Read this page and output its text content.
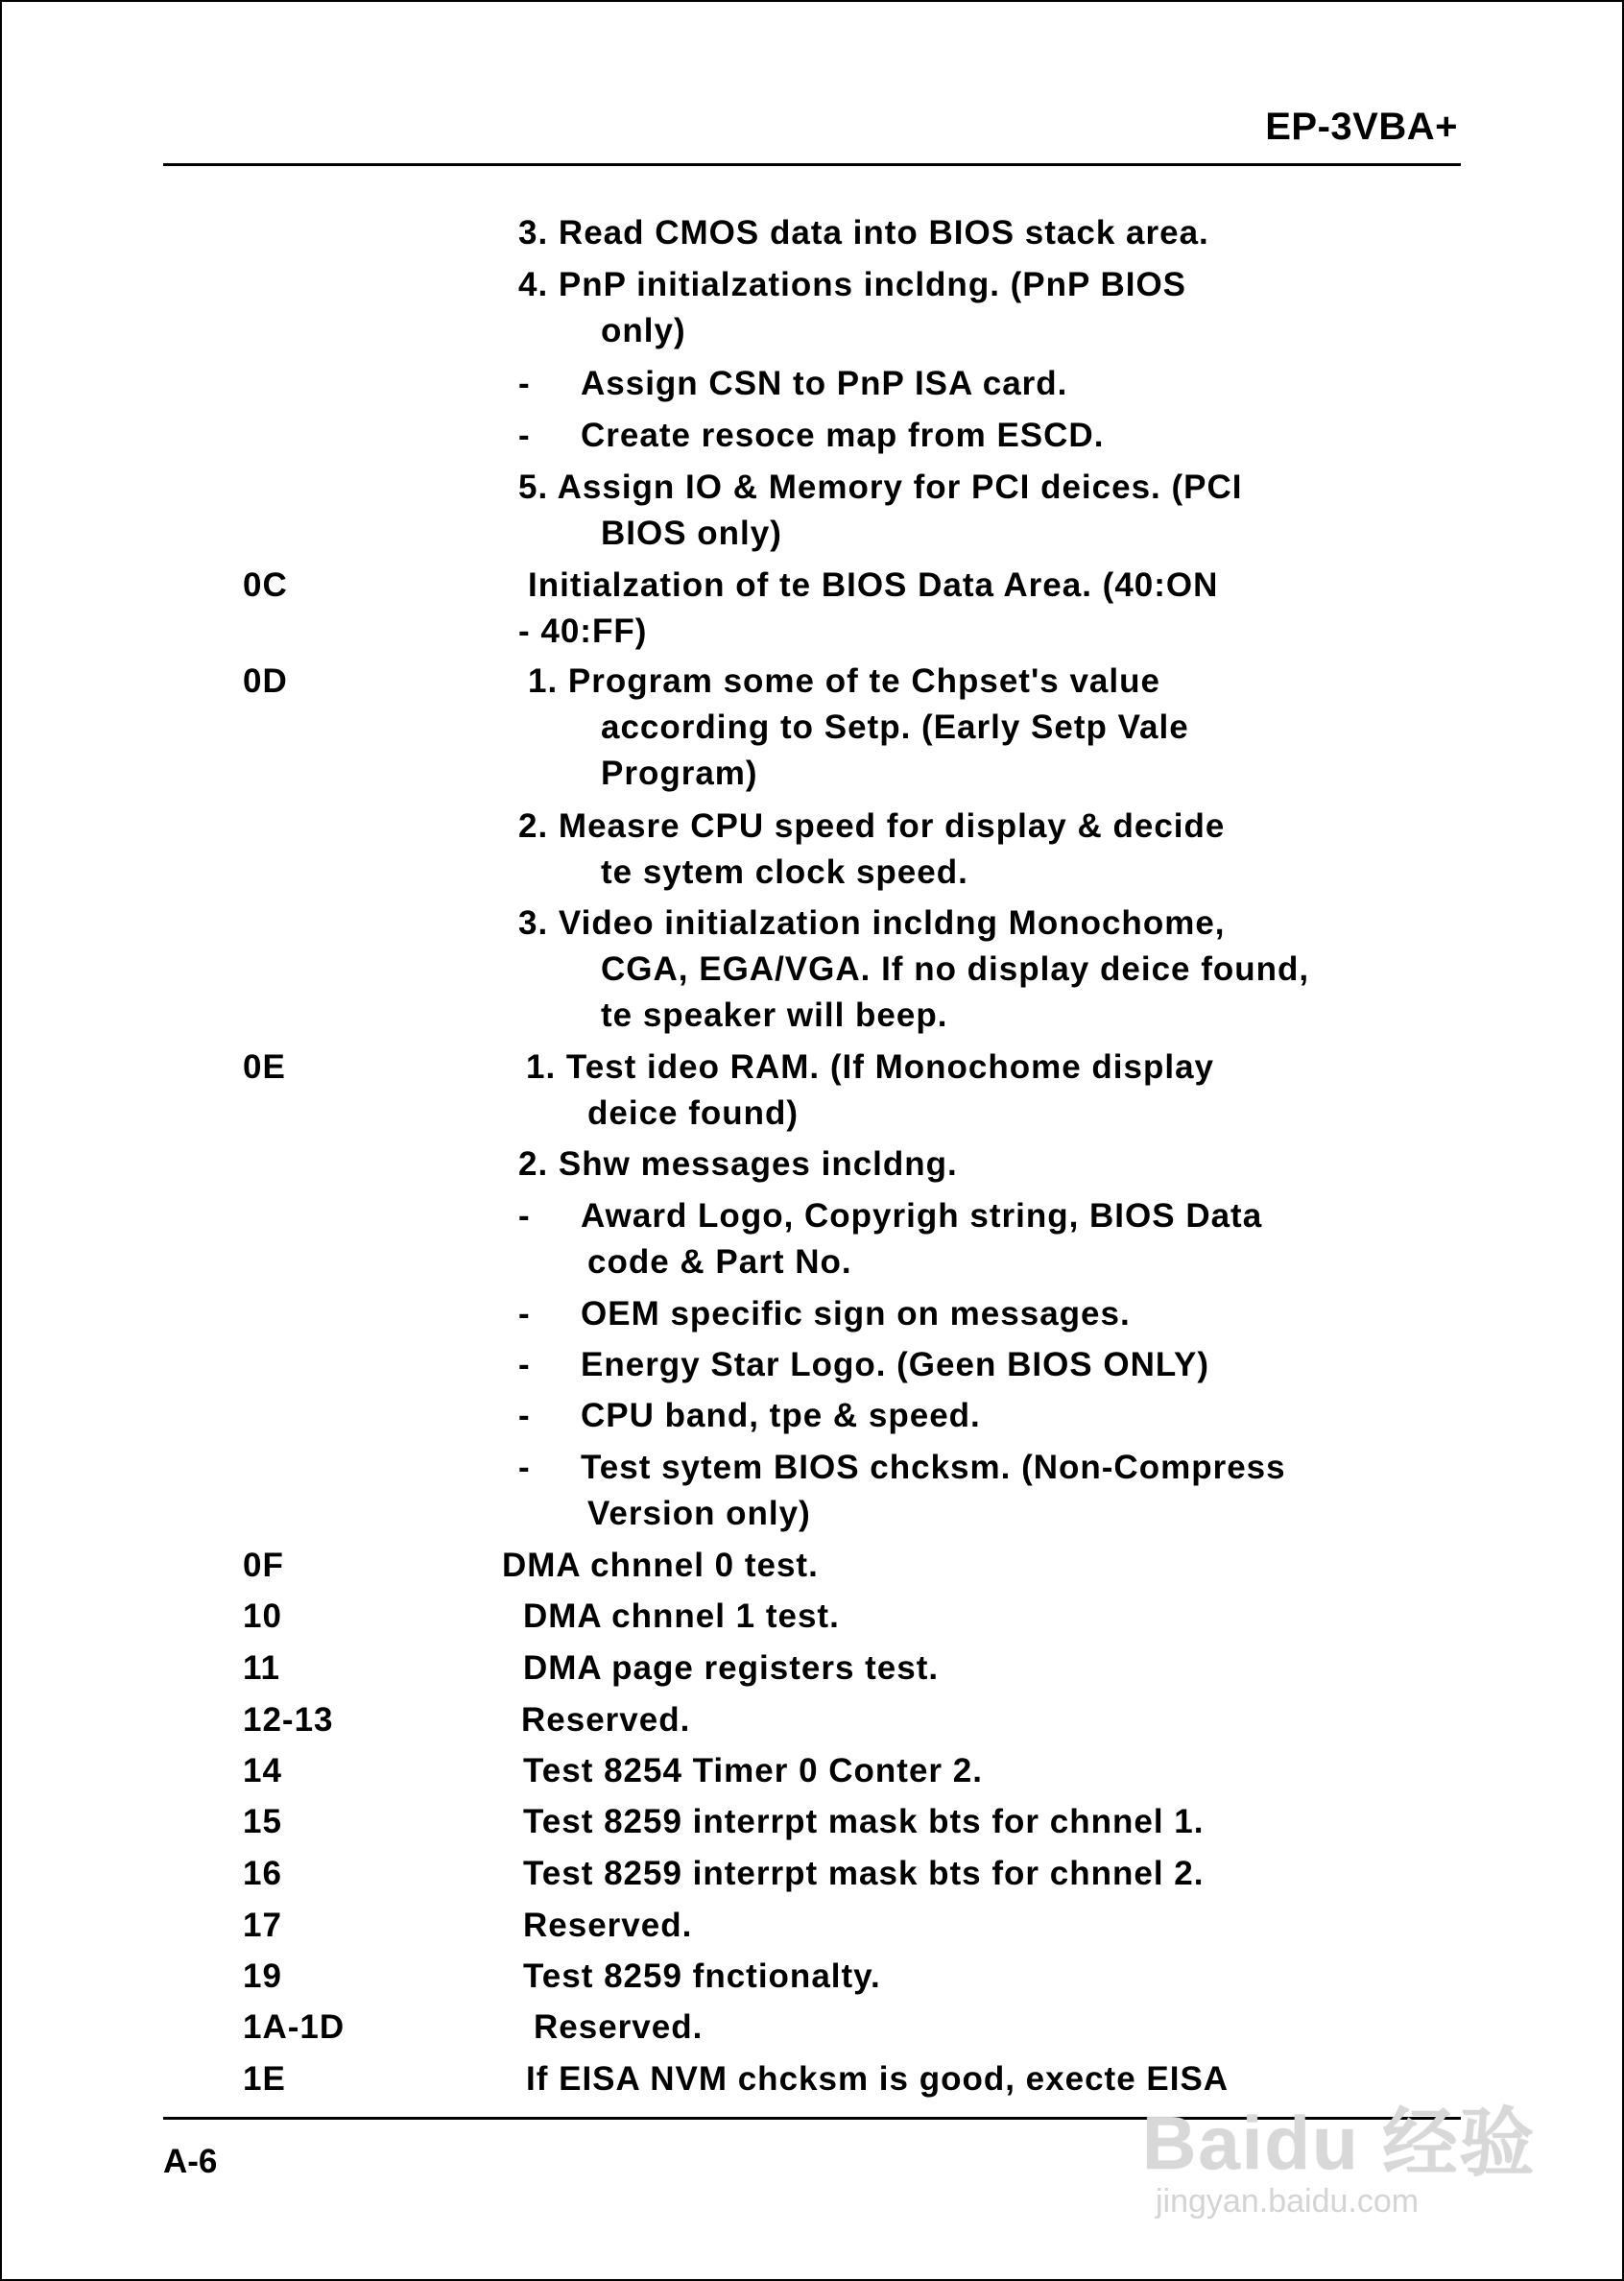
EP-3VBA+
3. Read CMOS data into BIOS stack area.
4. PnP initialzations incldng. (PnP BIOS
only)
- Assign CSN to PnP ISA card.
- Create resoce map from ESCD.
5. Assign IO & Memory for PCI deices. (PCI
BIOS only)
0C	Initialzation of te BIOS Data Area. (40:ON
- 40:FF)
0D	1. Program some of te Chpset's value
according to Setp. (Early Setp Vale
Program)
2. Measre CPU speed for display & decide
te sytem clock speed.
3. Video initialzation incldng Monochome,
CGA, EGA/VGA. If no display deice found,
te speaker will beep.
0E	1. Test ideo RAM. (If Monochome display
deice found)
2. Shw messages incldng.
- Award Logo, Copyrigh string, BIOS Data
code & Part No.
- OEM specific sign on messages.
- Energy Star Logo. (Geen BIOS ONLY)
- CPU band, tpe & speed.
- Test sytem BIOS chcksm. (Non-Compress
Version only)
0F	DMA chnnel 0 test.
10	DMA chnnel 1 test.
11	DMA page registers test.
12-13	Reserved.
14	Test 8254 Timer 0 Conter 2.
15	Test 8259 interrpt mask bts for chnnel 1.
16	Test 8259 interrpt mask bts for chnnel 2.
17	Reserved.
19	Test 8259 fnctionalty.
1A-1D	Reserved.
1E	If EISA NVM chcksm is good, execte EISA
A-6	Baidu 经验
jingyan.baidu.com
